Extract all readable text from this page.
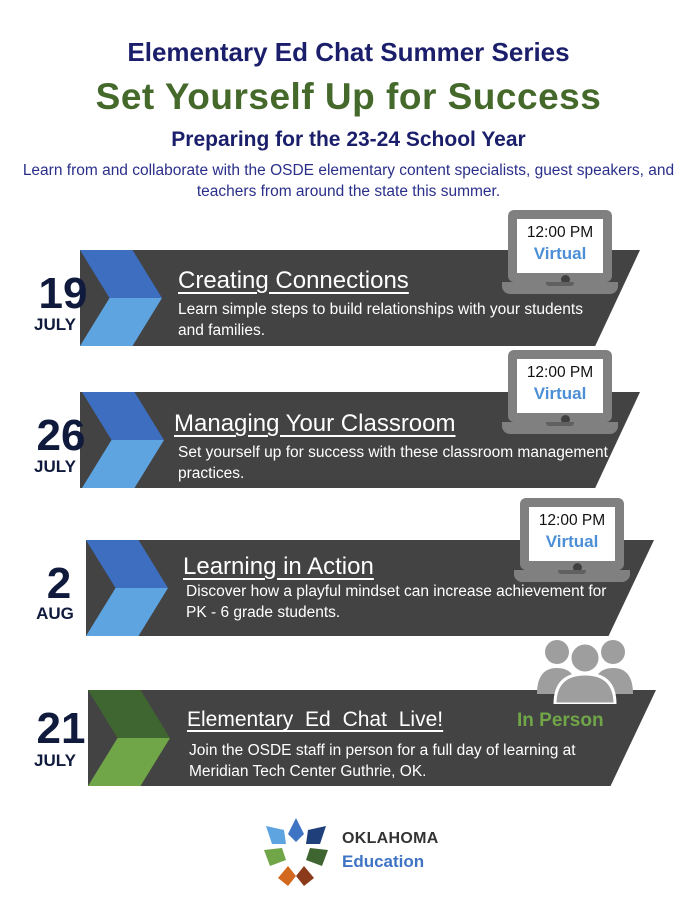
Elementary Ed Chat Summer Series
Set Yourself Up for Success
Preparing for the 23-24 School Year
Learn from and collaborate with the OSDE elementary content specialists, guest speakers, and teachers from around the state this summer.
19
JULY
Creating Connections
Learn simple steps to build relationships with your students and families.
12:00 PM
Virtual
26
JULY
Managing Your Classroom
Set yourself up for success with these classroom management practices.
12:00 PM
Virtual
2
AUG
Learning in Action
Discover how a playful mindset can increase achievement for PK - 6 grade students.
12:00 PM
Virtual
21
JULY
Elementary Ed Chat Live!
Join the OSDE staff in person for a full day of learning at Meridian Tech Center Guthrie, OK.
In Person
OKLAHOMA
Education
